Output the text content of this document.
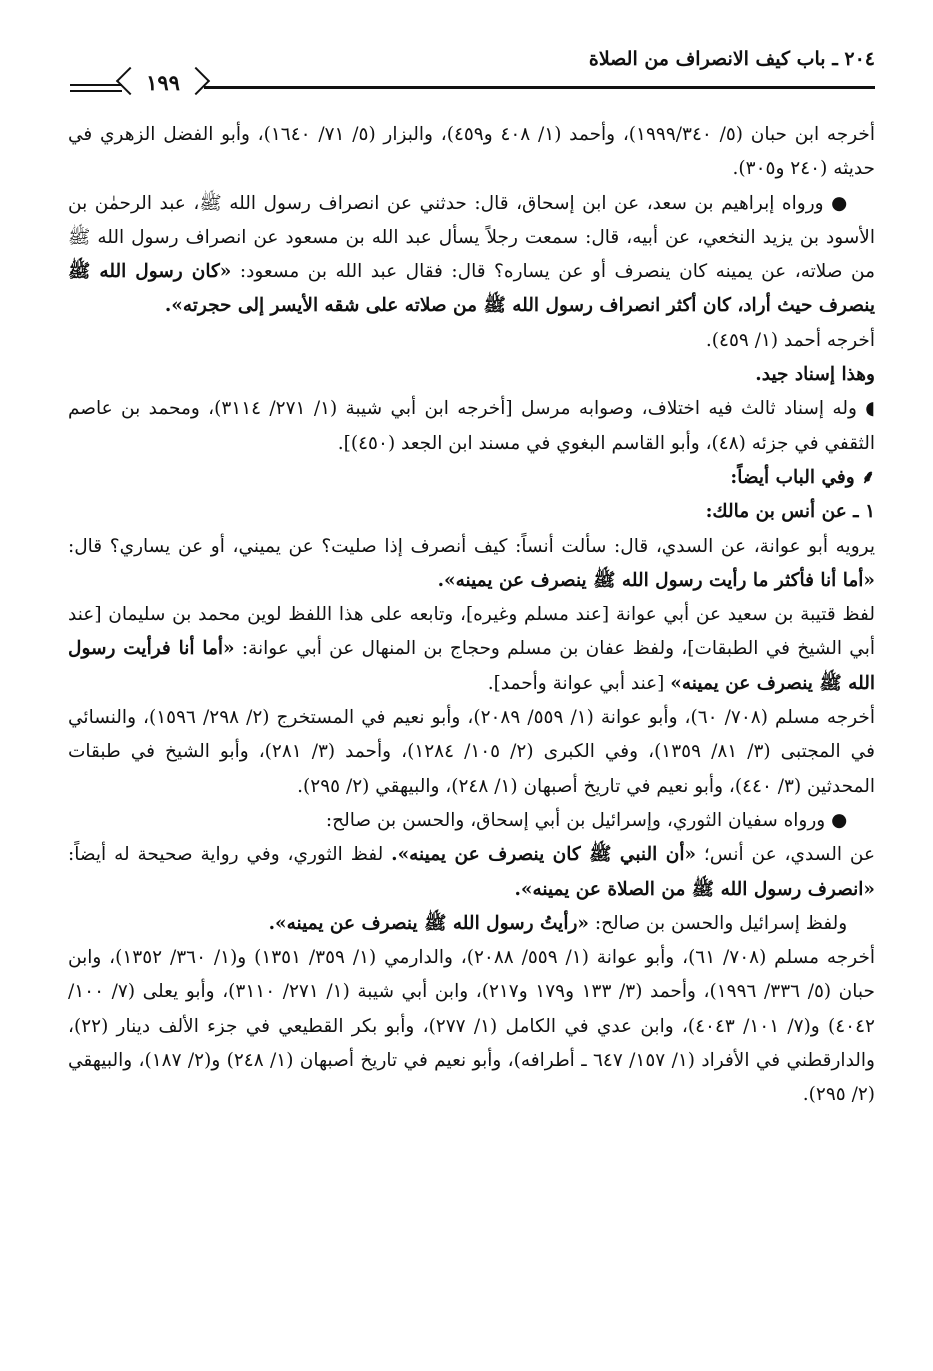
١٩٩
٢٠٤ ـ باب كيف الانصراف من الصلاة

أخرجه ابن حبان (٥/ ١٩٩٩/٣٤٠)، وأحمد (١/ ٤٠٨ و٤٥٩)، والبزار (٥/ ٧١/ ١٦٤٠)، وأبو الفضل الزهري في حديثه (٢٤٠ و٣٠٥).

● ورواه إبراهيم بن سعد، عن ابن إسحاق، قال: حدثني عن انصراف رسول الله ﷺ، عبد الرحمٰن بن الأسود بن يزيد النخعي، عن أبيه، قال: سمعت رجلاً يسأل عبد الله بن مسعود عن انصراف رسول الله ﷺ من صلاته، عن يمينه كان ينصرف أو عن يساره؟ قال: فقال عبد الله بن مسعود: «كان رسول الله ﷺ ينصرف حيث أراد، كان أكثر انصراف رسول الله ﷺ من صلاته على شقه الأيسر إلى حجرته».

أخرجه أحمد (١/ ٤٥٩).

وهذا إسناد جيد.

◖ وله إسناد ثالث فيه اختلاف، وصوابه مرسل [أخرجه ابن أبي شيبة (١/ ٢٧١/ ٣١١٤)، ومحمد بن عاصم الثقفي في جزئه (٤٨)، وأبو القاسم البغوي في مسند ابن الجعد (٤٥٠)].

⸙ وفي الباب أيضاً:

١ ـ عن أنس بن مالك:

يرويه أبو عوانة، عن السدي، قال: سألت أنساً: كيف أنصرف إذا صليت؟ عن يميني، أو عن يساري؟ قال: «أما أنا فأكثر ما رأيت رسول الله ﷺ ينصرف عن يمينه».

لفظ قتيبة بن سعيد عن أبي عوانة [عند مسلم وغيره]، وتابعه على هذا اللفظ لوين محمد بن سليمان [عند أبي الشيخ في الطبقات]، ولفظ عفان بن مسلم وحجاج بن المنهال عن أبي عوانة: «أما أنا فرأيت رسول الله ﷺ ينصرف عن يمينه» [عند أبي عوانة وأحمد].

أخرجه مسلم (٧٠٨/ ٦٠)، وأبو عوانة (١/ ٥٥٩/ ٢٠٨٩)، وأبو نعيم في المستخرج (٢/ ٢٩٨/ ١٥٩٦)، والنسائي في المجتبى (٣/ ٨١/ ١٣٥٩)، وفي الكبرى (٢/ ١٠٥/ ١٢٨٤)، وأحمد (٣/ ٢٨١)، وأبو الشيخ في طبقات المحدثين (٣/ ٤٤٠)، وأبو نعيم في تاريخ أصبهان (١/ ٢٤٨)، والبيهقي (٢/ ٢٩٥).

● ورواه سفيان الثوري، وإسرائيل بن أبي إسحاق، والحسن بن صالح:

عن السدي، عن أنس؛ «أن النبي ﷺ كان ينصرف عن يمينه». لفظ الثوري، وفي رواية صحيحة له أيضاً: «انصرف رسول الله ﷺ من الصلاة عن يمينه».

ولفظ إسرائيل والحسن بن صالح: «رأيتُ رسول الله ﷺ ينصرف عن يمينه».

أخرجه مسلم (٧٠٨/ ٦١)، وأبو عوانة (١/ ٥٥٩/ ٢٠٨٨)، والدارمي (١/ ٣٥٩/ ١٣٥١) و(١/ ٣٦٠/ ١٣٥٢)، وابن حبان (٥/ ٣٣٦/ ١٩٩٦)، وأحمد (٣/ ١٣٣ و١٧٩ و٢١٧)، وابن أبي شيبة (١/ ٢٧١/ ٣١١٠)، وأبو يعلى (٧/ ١٠٠/ ٤٠٤٢) و(٧/ ١٠١/ ٤٠٤٣)، وابن عدي في الكامل (١/ ٢٧٧)، وأبو بكر القطيعي في جزء الألف دينار (٢٢)، والدارقطني في الأفراد (١/ ١٥٧/ ٦٤٧ ـ أطرافه)، وأبو نعيم في تاريخ أصبهان (١/ ٢٤٨) و(٢/ ١٨٧)، والبيهقي (٢/ ٢٩٥).
